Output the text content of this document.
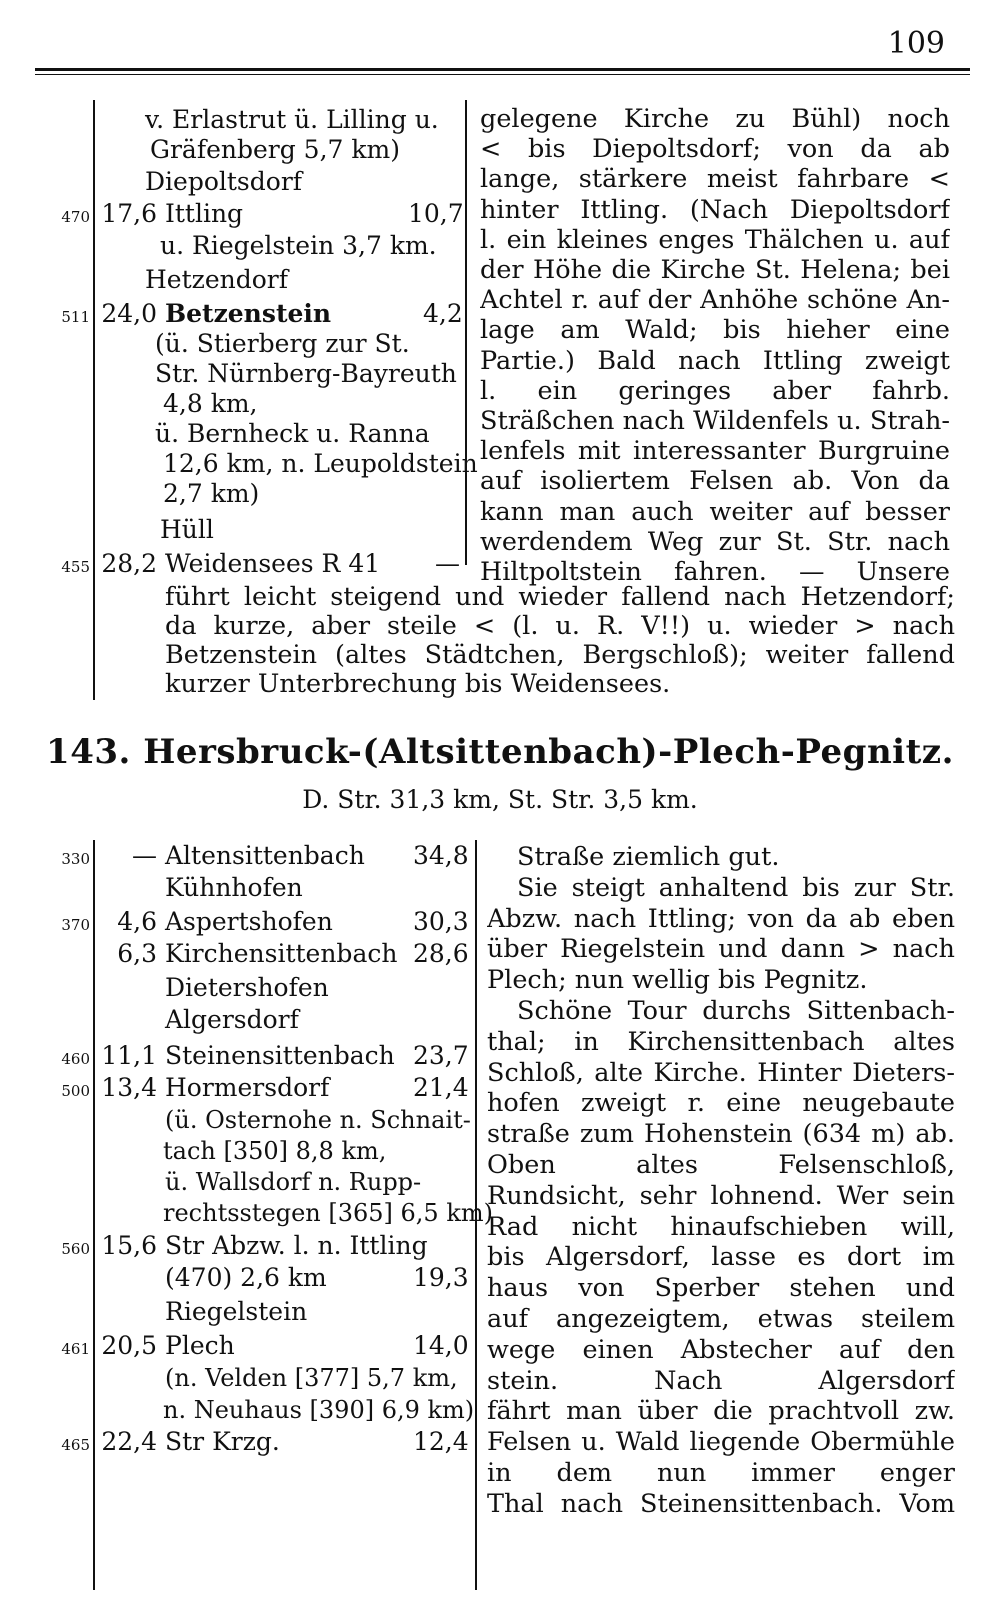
109
v. Erlastrut ü. Lilling u.
Gräfenberg 5,7 km)
Diepoltsdorf
470 17,6 Ittling	10,7
u. Riegelstein 3,7 km.
Hetzendorf
511 24,0 Betzenstein	4,2
(ü. Stierberg zur St.
Str. Nürnberg-Bayreuth
4,8 km,
ü. Bernheck u. Ranna
12,6 km, n. Leupoldstein
2,7 km)
Hüll
455 28,2 Weidensees R 41 —
gelegene Kirche zu Bühl) noch
< bis Diepoltsdorf; von da ab
lange, stärkere meist fahrbare <
hinter Ittling. (Nach Diepoltsdorf
l. ein kleines enges Thälchen u. auf
der Höhe die Kirche St. Helena; bei
Achtel r. auf der Anhöhe schöne An-
lage am Wald; bis hieher eine
Partie.) Bald nach Ittling zweigt
l. ein geringes aber fahrb.
Sträßchen nach Wildenfels u. Strah-
lenfels mit interessanter Burgruine
auf isoliertem Felsen ab. Von da
kann man auch weiter auf besser
werdendem Weg zur St. Str. nach
Hiltpoltstein fahren. — Unsere
führt leicht steigend und wieder fallend nach Hetzendorf;
da kurze, aber steile < (l. u. R. V!!) u. wieder > nach
Betzenstein (altes Städtchen, Bergschloß); weiter fallend
kurzer Unterbrechung bis Weidensees.
143. Hersbruck-(Altsittenbach)-Plech-Pegnitz.
D. Str. 31,3 km, St. Str. 3,5 km.
330	— Altensittenbach 34,8
Kühnhofen
370	4,6 Aspertshofen	30,3
6,3 Kirchensittenbach 28,6
Dietershofen
Algersdorf
460 11,1 Steinensittenbach 23,7
500 13,4 Hormersdorf	21,4
(ü. Osternohe n. Schnait-
tach [350] 8,8 km,
ü. Wallsdorf n. Rupp-
rechtsstegen [365] 6,5 km)
560 15,6 Str Abzw. l. n. Ittling
(470) 2,6 km	19,3
Riegelstein
461 20,5 Plech	14,0
(n. Velden [377] 5,7 km,
n. Neuhaus [390] 6,9 km)
465 22,4 Str Krzg.	12,4
Straße ziemlich gut.
Sie steigt anhaltend bis zur Str.
Abzw. nach Ittling; von da ab eben
über Riegelstein und dann > nach
Plech; nun wellig bis Pegnitz.
Schöne Tour durchs Sittenbach-
thal; in Kirchensittenbach altes
Schloß, alte Kirche. Hinter Dieters-
hofen zweigt r. eine neugebaute
straße zum Hohenstein (634 m) ab.
Oben altes Felsenschloß,
Rundsicht, sehr lohnend. Wer sein
Rad nicht hinaufschieben will,
bis Algersdorf, lasse es dort im
haus von Sperber stehen und
auf angezeigtem, etwas steilem
wege einen Abstecher auf den
stein. Nach Algersdorf
fährt man über die prachtvoll zw.
Felsen u. Wald liegende Obermühle
in dem nun immer enger
Thal nach Steinensittenbach. Vom
